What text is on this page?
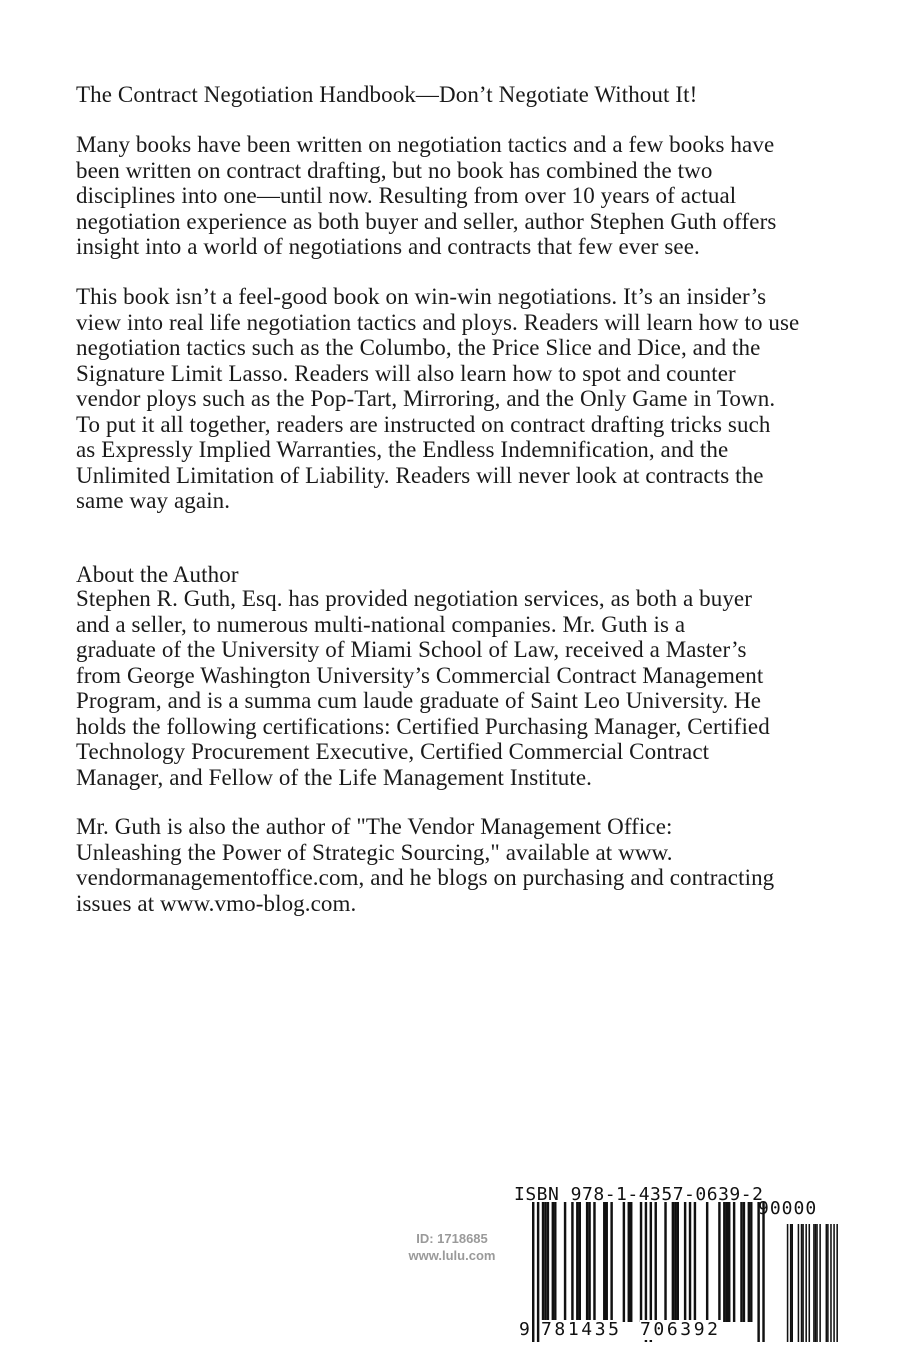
The Contract Negotiation Handbook—Don’t Negotiate Without It!
Many books have been written on negotiation tactics and a few books have
been written on contract drafting, but no book has combined the two
disciplines into one—until now. Resulting from over 10 years of actual
negotiation experience as both buyer and seller, author Stephen Guth offers
insight into a world of negotiations and contracts that few ever see.
This book isn’t a feel-good book on win-win negotiations. It’s an insider’s
view into real life negotiation tactics and ploys. Readers will learn how to use
negotiation tactics such as the Columbo, the Price Slice and Dice, and the
Signature Limit Lasso. Readers will also learn how to spot and counter
vendor ploys such as the Pop-Tart, Mirroring, and the Only Game in Town.
To put it all together, readers are instructed on contract drafting tricks such
as Expressly Implied Warranties, the Endless Indemnification, and the
Unlimited Limitation of Liability. Readers will never look at contracts the
same way again.
About the Author
Stephen R. Guth, Esq. has provided negotiation services, as both a buyer
and a seller, to numerous multi-national companies. Mr. Guth is a
graduate of the University of Miami School of Law, received a Master’s
from George Washington University’s Commercial Contract Management
Program, and is a summa cum laude graduate of Saint Leo University. He
holds the following certifications: Certified Purchasing Manager, Certified
Technology Procurement Executive, Certified Commercial Contract
Manager, and Fellow of the Life Management Institute.
Mr. Guth is also the author of "The Vendor Management Office:
Unleashing the Power of Strategic Sourcing," available at www.
vendormanagementoffice.com, and he blogs on purchasing and contracting
issues at www.vmo-blog.com.
ID: 1718685
www.lulu.com
ISBN 978-1-4357-0639-2
90000
9 781435 706392
